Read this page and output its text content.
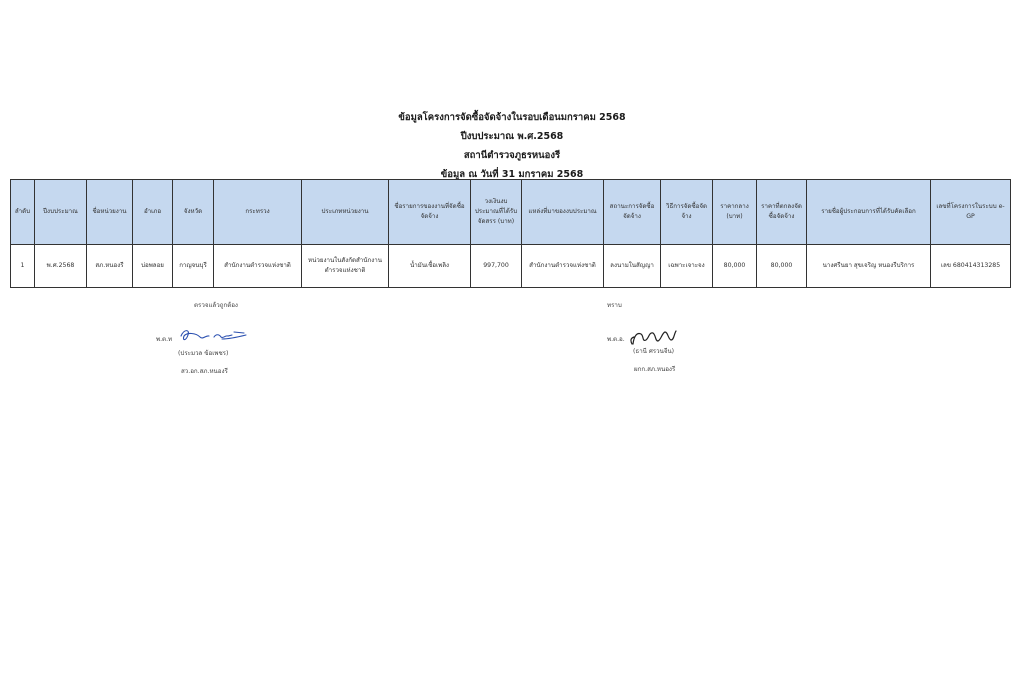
ข้อมูลโครงการจัดซื้อจัดจ้างในรอบเดือนมกราคม 2568
ปีงบประมาณ พ.ศ.2568
สถานีตำรวจภูธรหนองรี
ข้อมูล ณ วันที่ 31 มกราคม 2568
ลำดับ	ปีงบประมาณ	ชื่อหน่วยงาน	อำเภอ	จังหวัด	กระทรวง	ประเภทหน่วยงาน	ชื่อรายการของงานที่จัดซื้อจัดจ้าง	วงเงินงบประมาณที่ได้รับจัดสรร (บาท)	แหล่งที่มาของงบประมาณ	สถานะการจัดซื้อจัดจ้าง	วิธีการจัดซื้อจัดจ้าง	ราคากลาง (บาท)	ราคาที่ตกลงจัดซื้อจัดจ้าง	รายชื่อผู้ประกอบการที่ได้รับคัดเลือก	เลขที่โครงการในระบบ e-GP
1	พ.ศ.2568	สภ.หนองรี	บ่อพลอย	กาญจนบุรี	สำนักงานตำรวจแห่งชาติ	หน่วยงานในสังกัดสำนักงานตำรวจแห่งชาติ	น้ำมันเชื้อเพลิง	997,700	สำนักงานตำรวจแห่งชาติ	ลงนามในสัญญา	เฉพาะเจาะจง	80,000	80,000	นางศรีนยา สุขเจริญ หนองรีบริการ	เลข 680414313285
ตรวจแล้วถูกต้อง
พ.ต.ท
(ประมวล ข้อเพชร)
สว.อก.สภ.หนองรี
ทราบ
พ.ต.อ.
(ธานี ศรวนจีน)
ผกก.สภ.หนองรี
